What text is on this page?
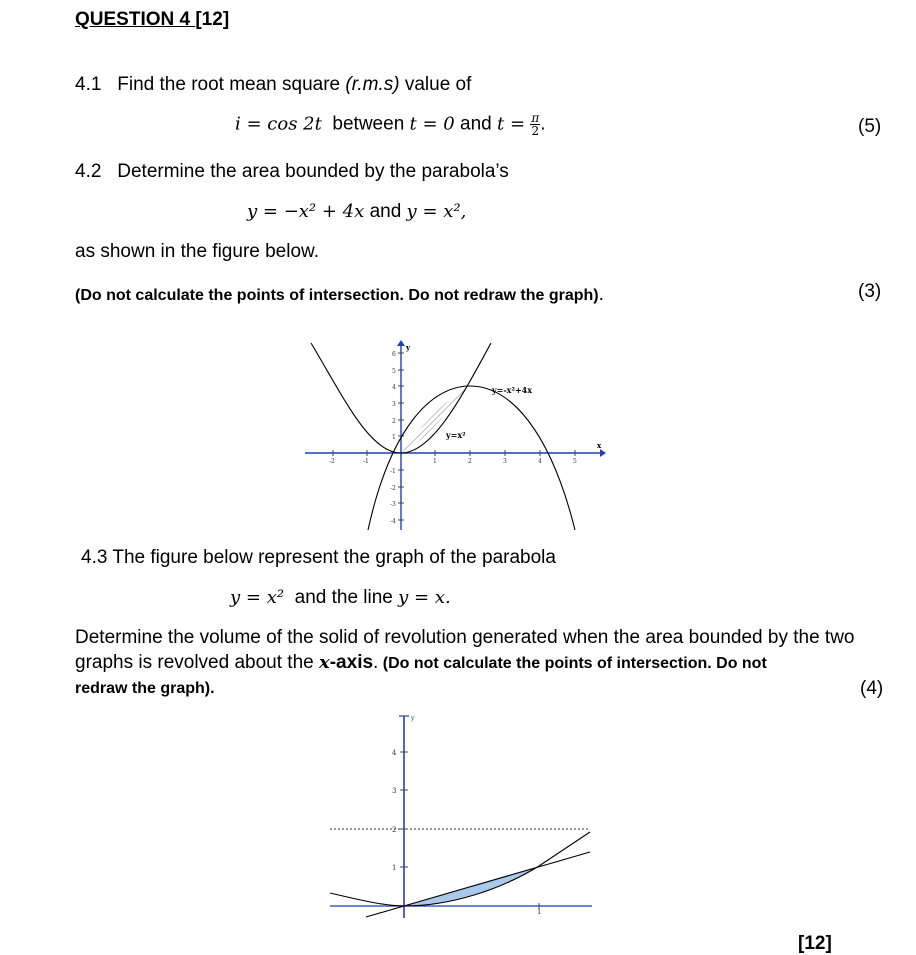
QUESTION 4 [12]
4.1 Find the root mean square (r.m.s) value of
i = cos 2t between t = 0 and $t = \frac{\pi}{2}$ .	(5)
4.2 Determine the area bounded by the parabola’s
y = −x² + 4x and y = x²,
as shown in the figure below.
(Do not calculate the points of intersection. Do not redraw the graph).	(3)
6
5
4
3
2
1
-1
-2
-3
-4
-2	-1	1	2	3	4	5
y
x
y=-x²+4x
y=x²
4.3 The figure below represent the graph of the parabola
y = x² and the line y = x.
Determine the volume of the solid of revolution generated when the area bounded by the two
graphs is revolved about the x-axis. (Do not calculate the points of intersection. Do not
redraw the graph).	(4)
4
3
2
1
1
y
[12]
